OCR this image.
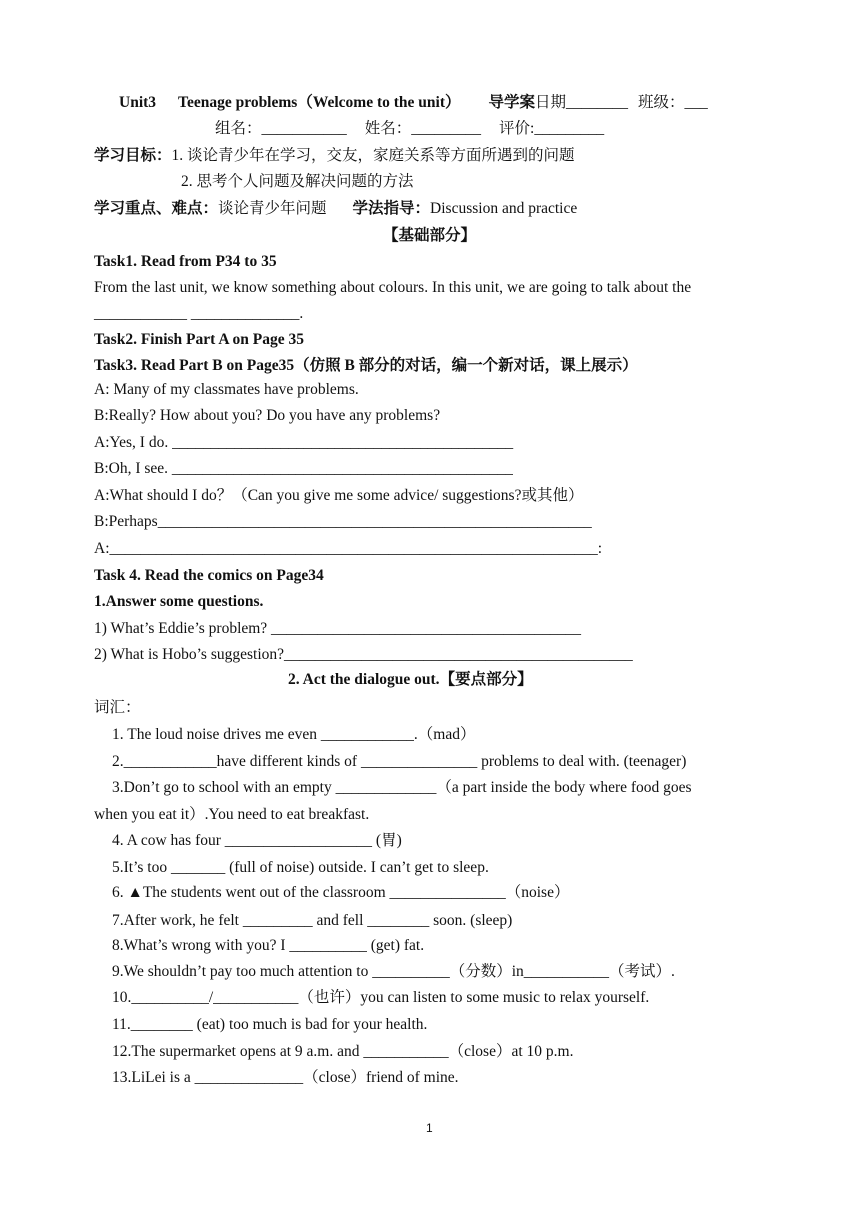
Unit3 Teenage problems（Welcome to the unit） 导学案日期________ 班级：___
组名：___________ 姓名：_________ 评价:_________
学习目标：1. 谈论青少年在学习，交友，家庭关系等方面所遇到的问题
2. 思考个人问题及解决问题的方法
学习重点、难点：谈论青少年问题 学法指导：Discussion and practice
【基础部分】
Task1. Read from P34 to 35
From the last unit, we know something about colours. In this unit, we are going to talk about the
____________ ______________.
Task2. Finish Part A on Page 35
Task3. Read Part B on Page35（仿照 B 部分的对话，编一个新对话，课上展示）
A: Many of my classmates have problems.
B:Really? How about you? Do you have any problems?
A:Yes, I do. ____________________________________________
B:Oh, I see. ____________________________________________
A:What should I do？（Can you give me some advice/ suggestions?或其他）
B:Perhaps________________________________________________________
A:_______________________________________________________________:
Task 4. Read the comics on Page34
1.Answer some questions.
1) What’s Eddie’s problem? ________________________________________
2) What is Hobo’s suggestion?_____________________________________________
2. Act the dialogue out.【要点部分】
词汇：
1. The loud noise drives me even ____________.（mad）
2.____________have different kinds of _______________ problems to deal with. (teenager)
3.Don’t go to school with an empty _____________（a part inside the body where food goes
when you eat it）.You need to eat breakfast.
4. A cow has four ___________________ (胃)
5.It’s too _______ (full of noise) outside. I can’t get to sleep.
6. ▲The students went out of the classroom _______________（noise）
7.After work, he felt _________ and fell ________ soon. (sleep)
8.What’s wrong with you? I __________ (get) fat.
9.We shouldn’t pay too much attention to __________（分数）in___________（考试）.
10.__________/___________（也许）you can listen to some music to relax yourself.
11.________ (eat) too much is bad for your health.
12.The supermarket opens at 9 a.m. and ___________（close）at 10 p.m.
13.LiLei is a ______________（close）friend of mine.
1
